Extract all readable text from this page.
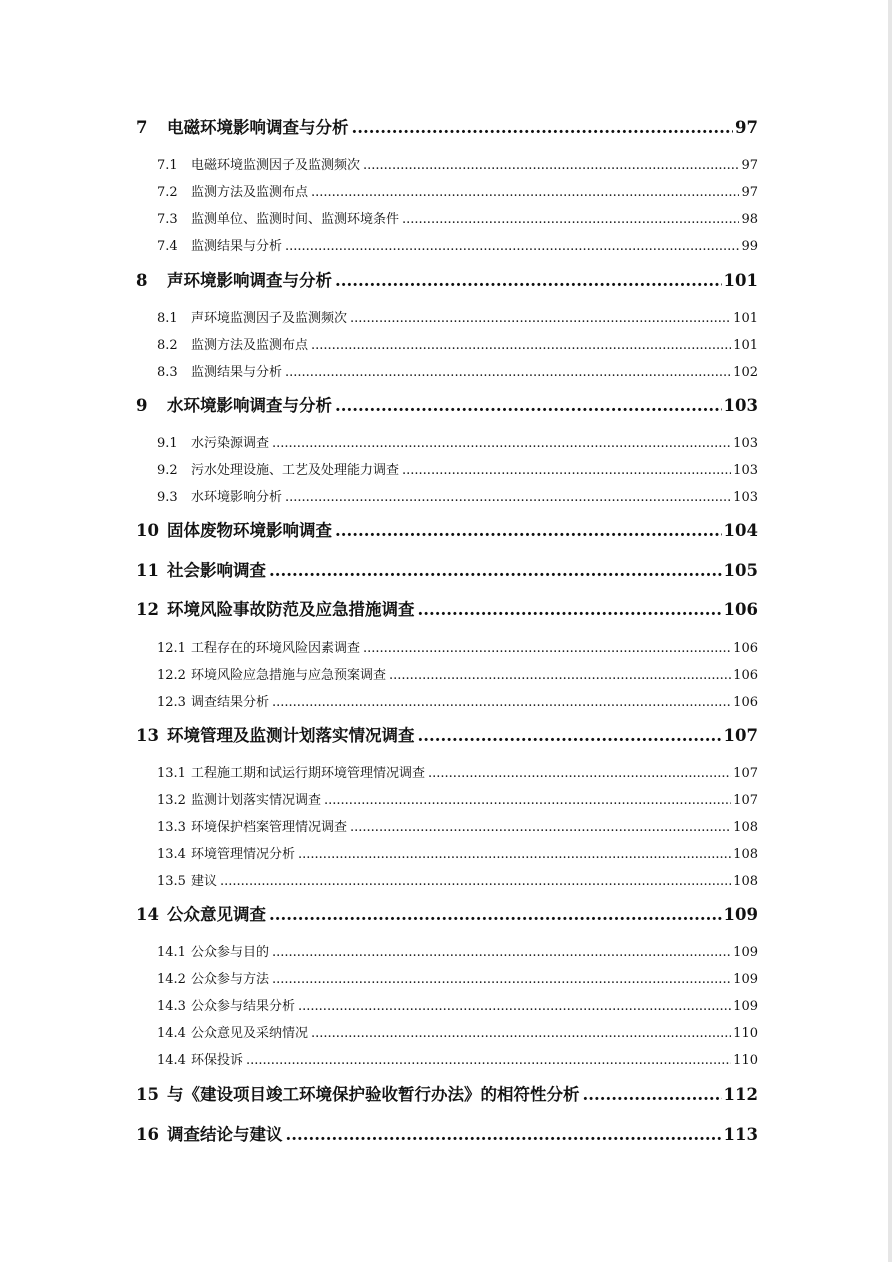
7	电磁环境影响调查与分析 .....	97
7.1	电磁环境监测因子及监测频次 .....	97
7.2	监测方法及监测布点 .....	97
7.3	监测单位、监测时间、监测环境条件 .....	98
7.4	监测结果与分析 .....	99
8	声环境影响调查与分析 .....	101
8.1	声环境监测因子及监测频次 .....	101
8.2	监测方法及监测布点 .....	101
8.3	监测结果与分析 .....	102
9	水环境影响调查与分析 .....	103
9.1	水污染源调查 .....	103
9.2	污水处理设施、工艺及处理能力调查 .....	103
9.3	水环境影响分析 .....	103
10 固体废物环境影响调查 .....	104
11 社会影响调查 .....	105
12 环境风险事故防范及应急措施调查 .....	106
12.1 工程存在的环境风险因素调查 .....	106
12.2 环境风险应急措施与应急预案调查 .....	106
12.3 调查结果分析 .....	106
13 环境管理及监测计划落实情况调查 .....	107
13.1 工程施工期和试运行期环境管理情况调查 .....	107
13.2 监测计划落实情况调查 .....	107
13.3 环境保护档案管理情况调查 .....	108
13.4 环境管理情况分析 .....	108
13.5 建议 .....	108
14 公众意见调查 .....	109
14.1 公众参与目的 .....	109
14.2 公众参与方法 .....	109
14.3 公众参与结果分析 .....	109
14.4 公众意见及采纳情况 .....	110
14.4 环保投诉 .....	110
15 与《建设项目竣工环境保护验收暂行办法》的相符性分析 .....	112
16 调查结论与建议 .....	113
